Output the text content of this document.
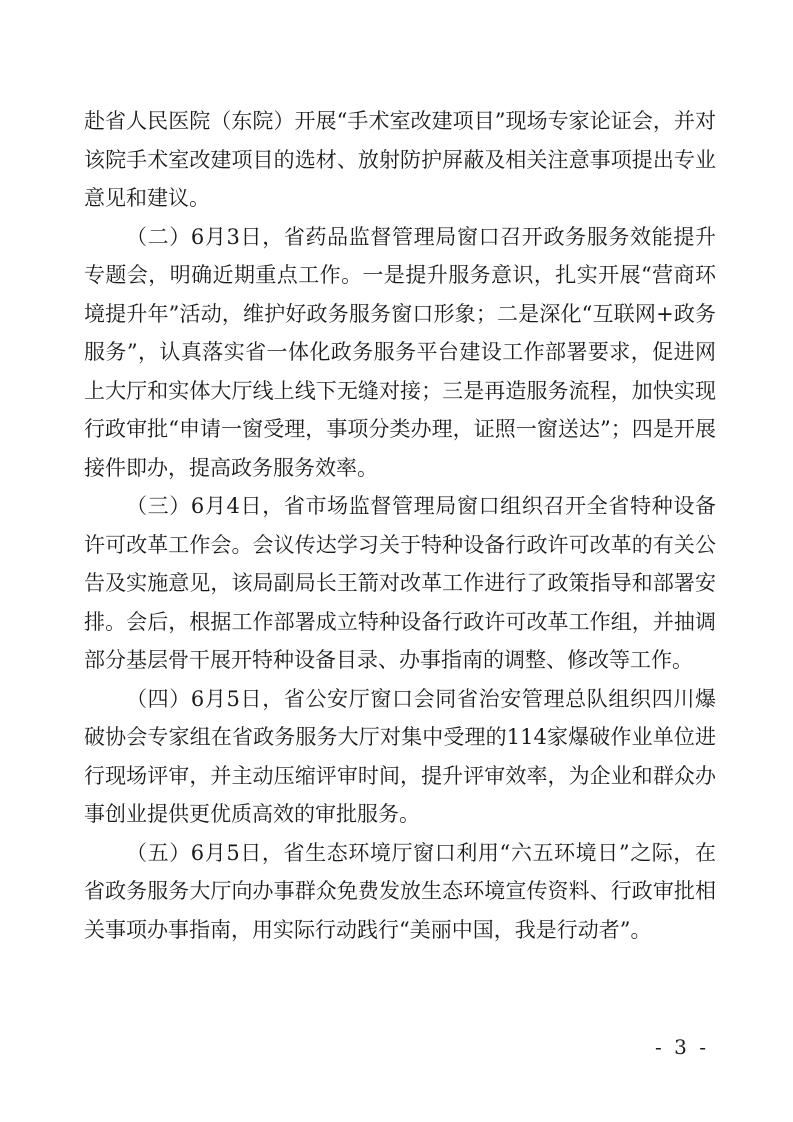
赴省人民医院（东院）开展“手术室改建项目”现场专家论证会，并对该院手术室改建项目的选材、放射防护屏蔽及相关注意事项提出专业意见和建议。

（二）6月3日，省药品监督管理局窗口召开政务服务效能提升专题会，明确近期重点工作。一是提升服务意识，扎实开展“营商环境提升年”活动，维护好政务服务窗口形象；二是深化“互联网+政务服务”，认真落实省一体化政务服务平台建设工作部署要求，促进网上大厅和实体大厅线上线下无缝对接；三是再造服务流程，加快实现行政审批“申请一窗受理，事项分类办理，证照一窗送达”；四是开展接件即办，提高政务服务效率。

（三）6月4日，省市场监督管理局窗口组织召开全省特种设备许可改革工作会。会议传达学习关于特种设备行政许可改革的有关公告及实施意见，该局副局长王箭对改革工作进行了政策指导和部署安排。会后，根据工作部署成立特种设备行政许可改革工作组，并抽调部分基层骨干展开特种设备目录、办事指南的调整、修改等工作。

（四）6月5日，省公安厅窗口会同省治安管理总队组织四川爆破协会专家组在省政务服务大厅对集中受理的114家爆破作业单位进行现场评审，并主动压缩评审时间，提升评审效率，为企业和群众办事创业提供更优质高效的审批服务。

（五）6月5日，省生态环境厅窗口利用“六五环境日”之际，在省政务服务大厅向办事群众免费发放生态环境宣传资料、行政审批相关事项办事指南，用实际行动践行“美丽中国，我是行动者”。

- 3 -
